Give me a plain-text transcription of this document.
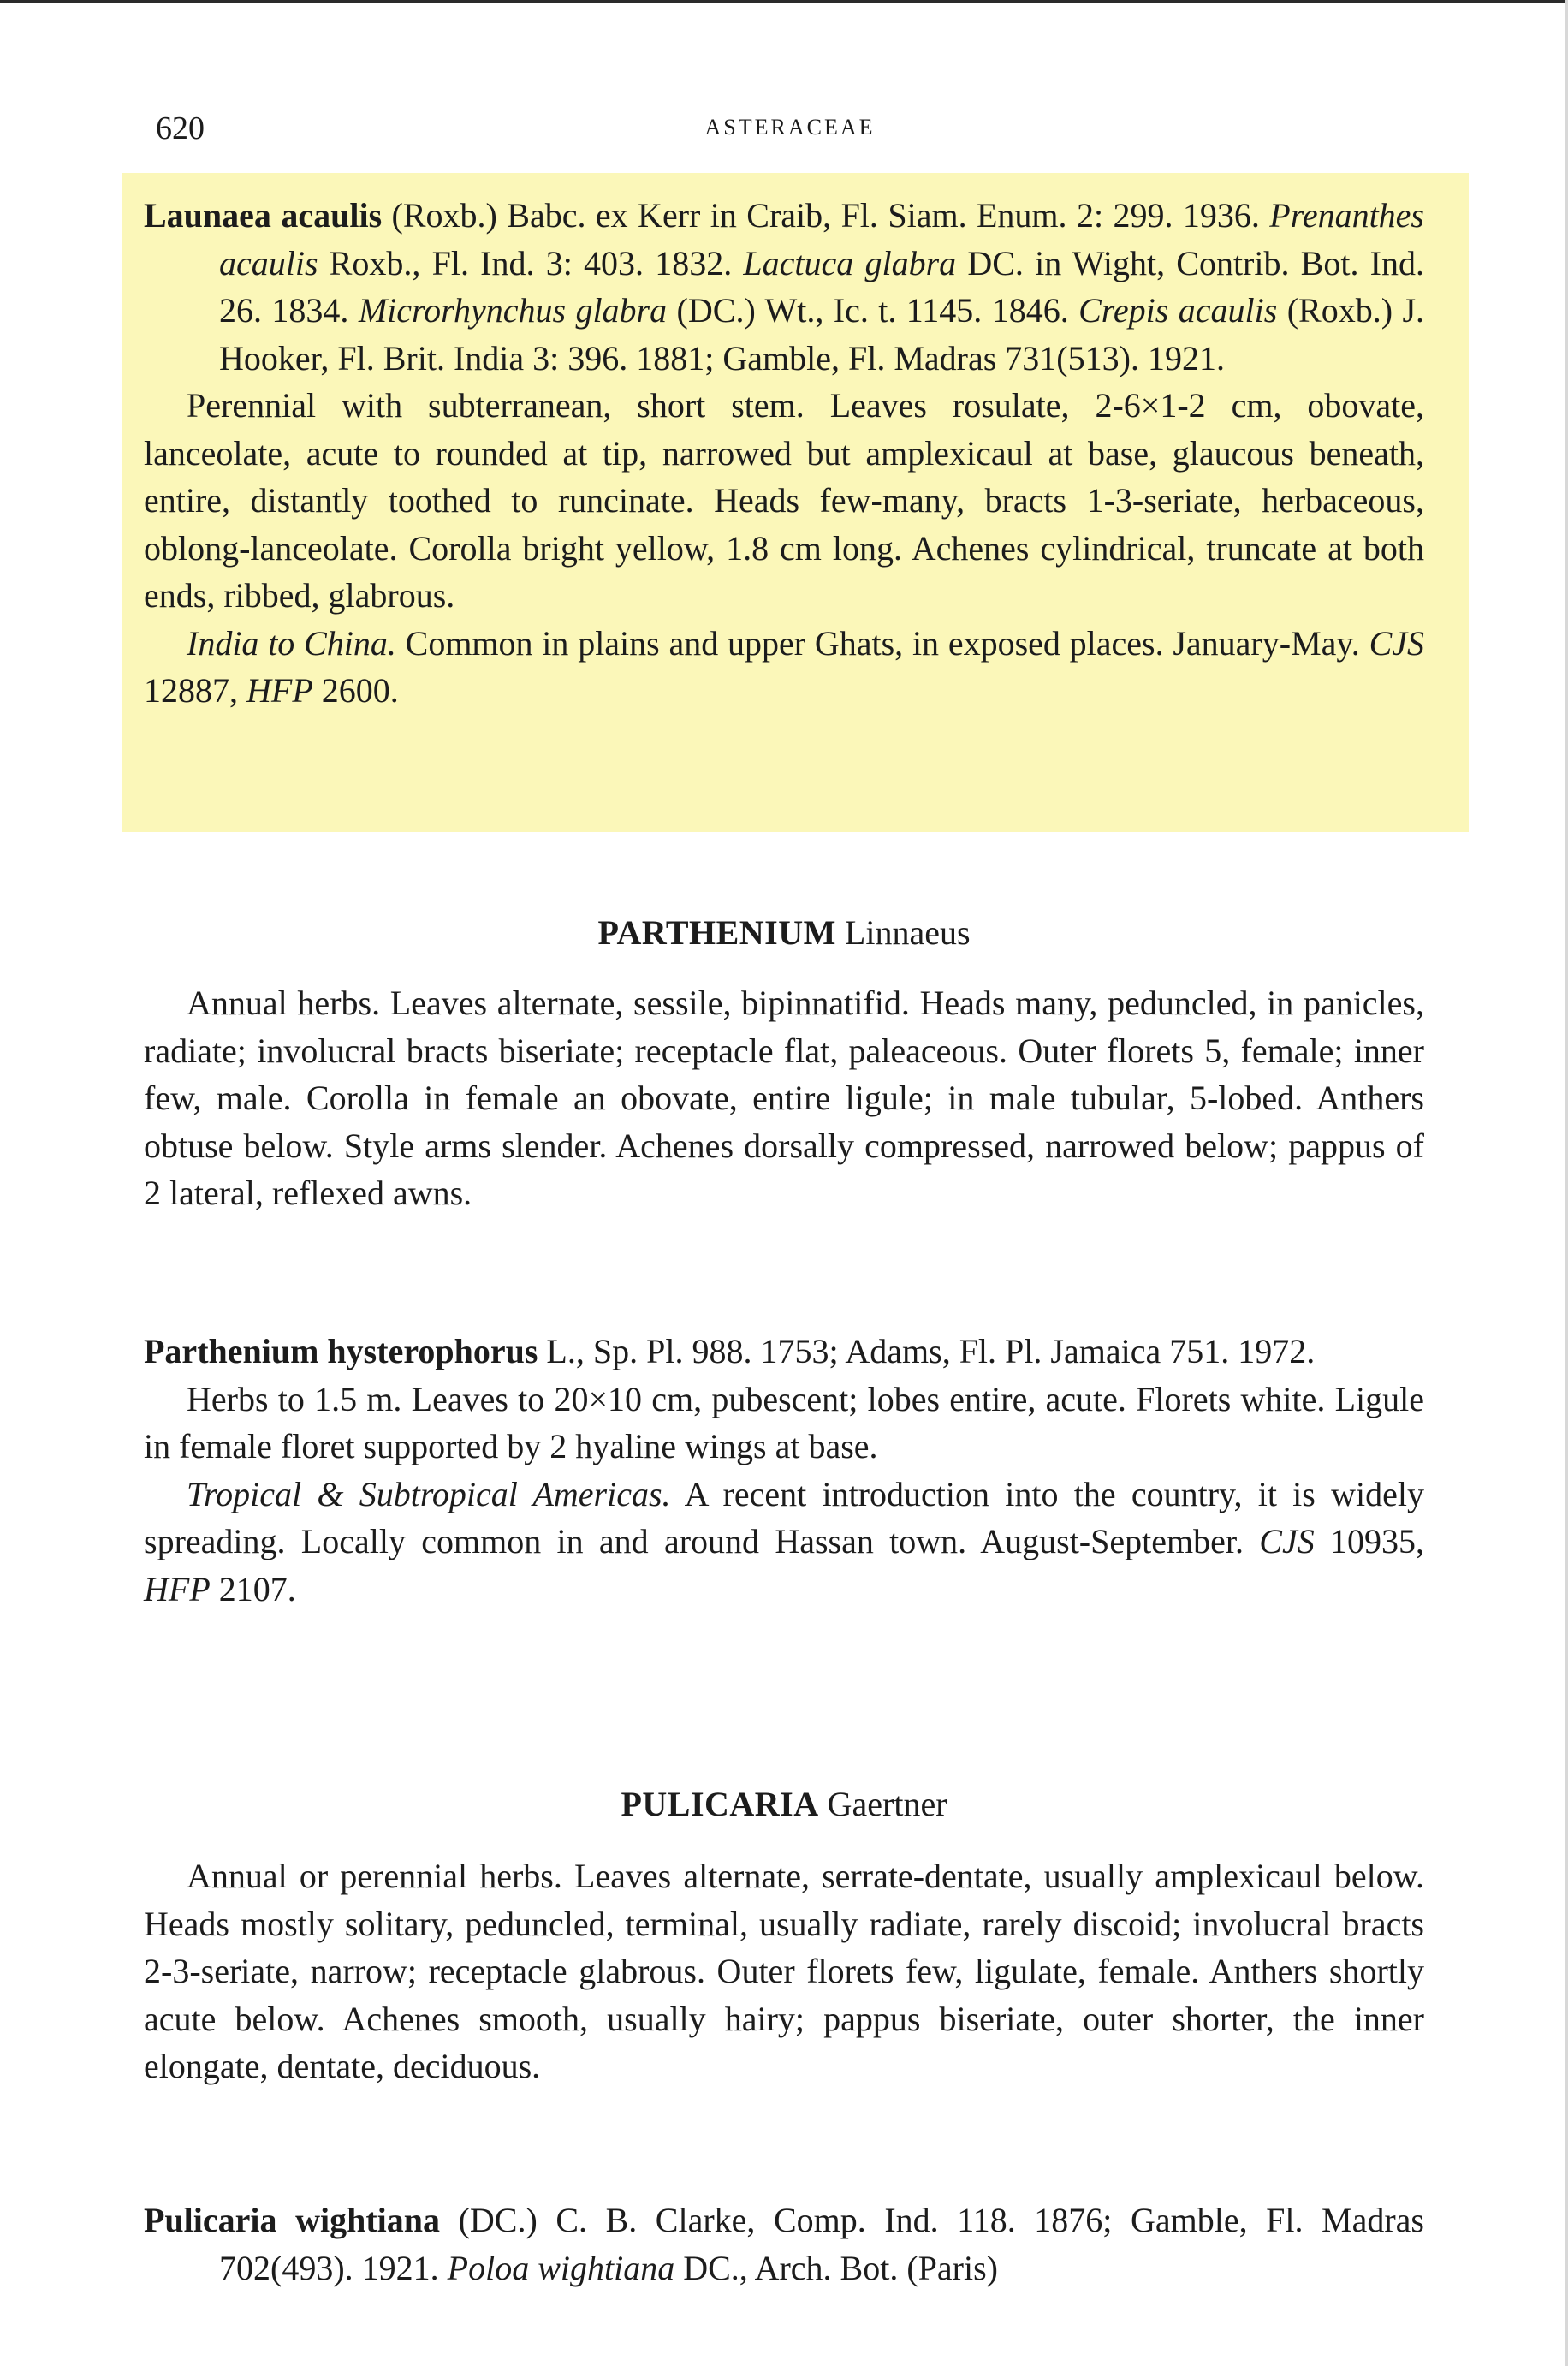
620	ASTERACEAE

Launaea acaulis (Roxb.) Babc. ex Kerr in Craib, Fl. Siam. Enum. 2: 299. 1936. Prenanthes acaulis Roxb., Fl. Ind. 3: 403. 1832. Lactuca glabra DC. in Wight, Contrib. Bot. Ind. 26. 1834. Microrhynchus glabra (DC.) Wt., Ic. t. 1145. 1846. Crepis acaulis (Roxb.) J. Hooker, Fl. Brit. India 3: 396. 1881; Gamble, Fl. Madras 731(513). 1921.

Perennial with subterranean, short stem. Leaves rosulate, 2-6×1-2 cm, obovate, lanceolate, acute to rounded at tip, narrowed but amplexicaul at base, glaucous beneath, entire, distantly toothed to runcinate. Heads few-many, bracts 1-3-seriate, herbaceous, oblong-lanceolate. Corolla bright yellow, 1.8 cm long. Achenes cylindrical, truncate at both ends, ribbed, glabrous.

India to China. Common in plains and upper Ghats, in exposed places. January-May. CJS 12887, HFP 2600.

PARTHENIUM Linnaeus

Annual herbs. Leaves alternate, sessile, bipinnatifid. Heads many, peduncled, in panicles, radiate; involucral bracts biseriate; receptacle flat, paleaceous. Outer florets 5, female; inner few, male. Corolla in female an obovate, entire ligule; in male tubular, 5-lobed. Anthers obtuse below. Style arms slender. Achenes dorsally compressed, narrowed below; pappus of 2 lateral, reflexed awns.

Parthenium hysterophorus L., Sp. Pl. 988. 1753; Adams, Fl. Pl. Jamaica 751. 1972.

Herbs to 1.5 m. Leaves to 20×10 cm, pubescent; lobes entire, acute. Florets white. Ligule in female floret supported by 2 hyaline wings at base.

Tropical & Subtropical Americas. A recent introduction into the country, it is widely spreading. Locally common in and around Hassan town. August-September. CJS 10935, HFP 2107.

PULICARIA Gaertner

Annual or perennial herbs. Leaves alternate, serrate-dentate, usually amplexicaul below. Heads mostly solitary, peduncled, terminal, usually radiate, rarely discoid; involucral bracts 2-3-seriate, narrow; receptacle glabrous. Outer florets few, ligulate, female. Anthers shortly acute below. Achenes smooth, usually hairy; pappus biseriate, outer shorter, the inner elongate, dentate, deciduous.

Pulicaria wightiana (DC.) C. B. Clarke, Comp. Ind. 118. 1876; Gamble, Fl. Madras 702(493). 1921. Poloa wightiana DC., Arch. Bot. (Paris)
